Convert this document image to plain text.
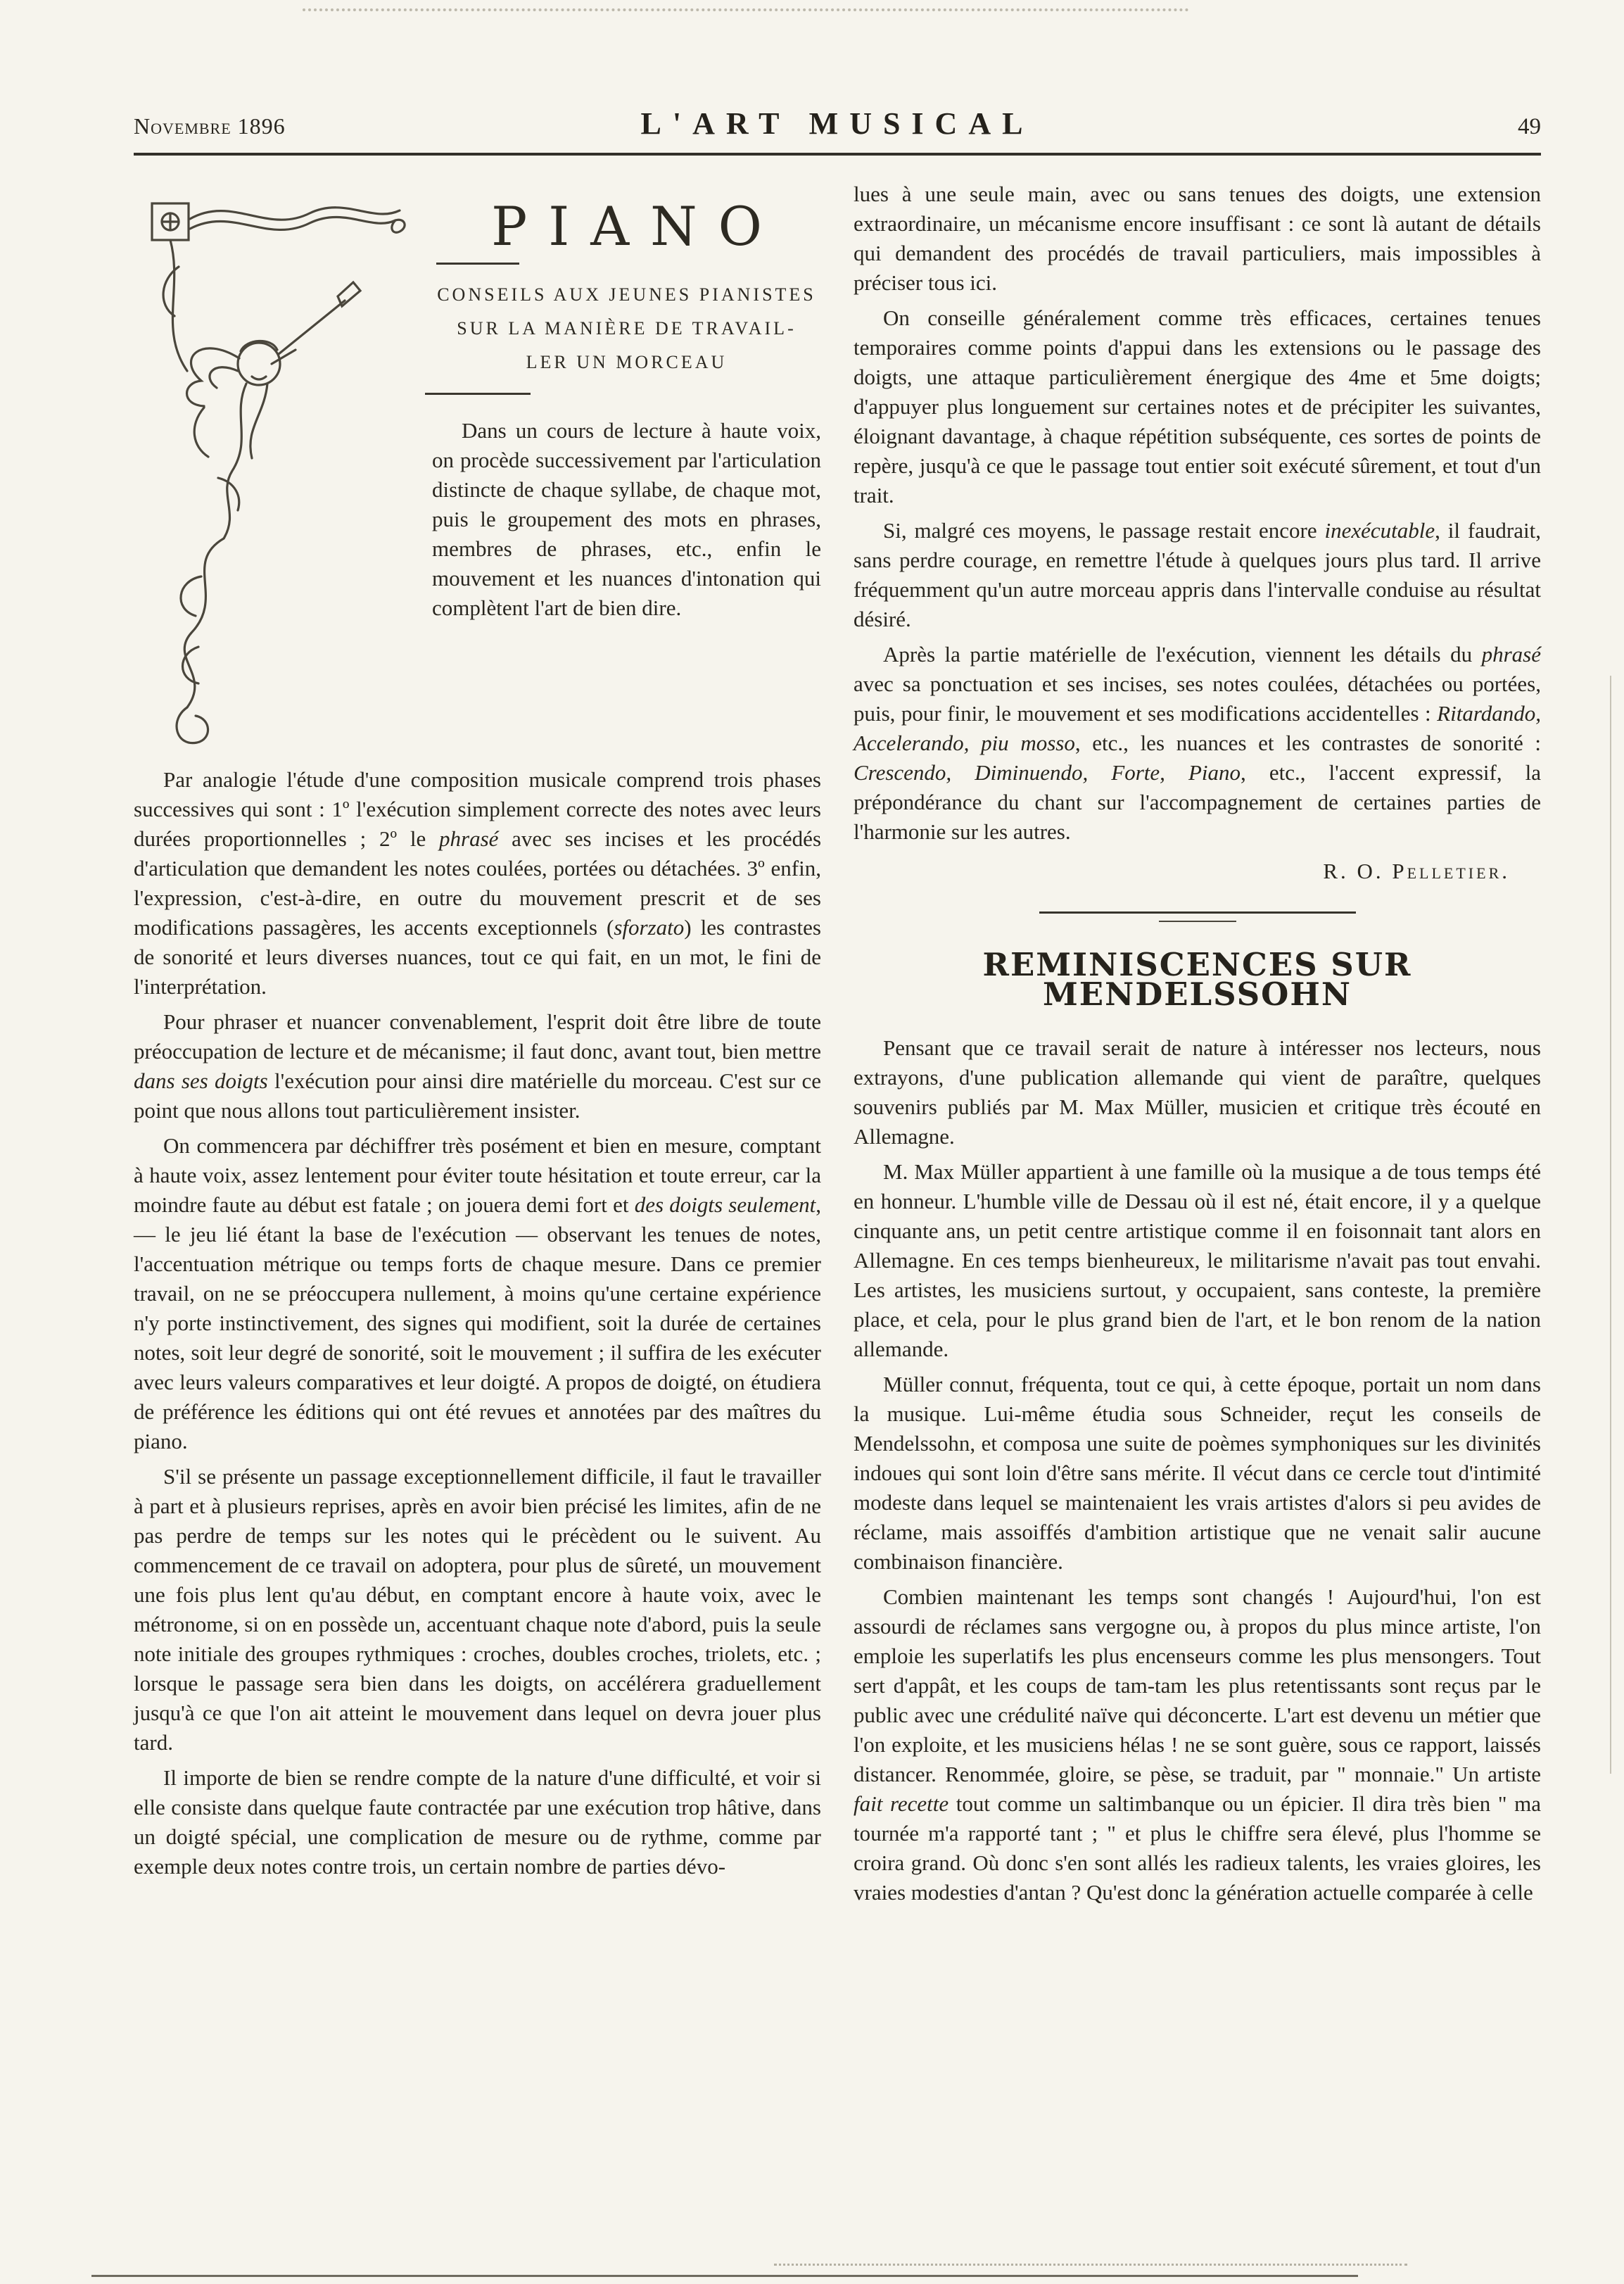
Novembre 1896	L'ART MUSICAL	49
PIANO

CONSEILS AUX JEUNES PIANISTES

SUR LA MANIÈRE DE TRAVAIL-

LER UN MORCEAU

Dans un cours de lecture à haute voix, on procède successivement par l'articulation distincte de chaque syllabe, de chaque mot, puis le groupement des mots en phrases, membres de phrases, etc., enfin le mouvement et les nuances d'intonation qui complètent l'art de bien dire.

Par analogie l'étude d'une composition musicale comprend trois phases successives qui sont : 1º l'exécution simplement correcte des notes avec leurs durées proportionnelles ; 2º le phrasé avec ses incises et les procédés d'articulation que demandent les notes coulées, portées ou détachées. 3º enfin, l'expression, c'est-à-dire, en outre du mouvement prescrit et de ses modifications passagères, les accents exceptionnels (sforzato) les contrastes de sonorité et leurs diverses nuances, tout ce qui fait, en un mot, le fini de l'interprétation.

Pour phraser et nuancer convenablement, l'esprit doit être libre de toute préoccupation de lecture et de mécanisme; il faut donc, avant tout, bien mettre dans ses doigts l'exécution pour ainsi dire matérielle du morceau. C'est sur ce point que nous allons tout particulièrement insister.

On commencera par déchiffrer très posément et bien en mesure, comptant à haute voix, assez lentement pour éviter toute hésitation et toute erreur, car la moindre faute au début est fatale ; on jouera demi fort et des doigts seulement, — le jeu lié étant la base de l'exécution — observant les tenues de notes, l'accentuation métrique ou temps forts de chaque mesure. Dans ce premier travail, on ne se préoccupera nullement, à moins qu'une certaine expérience n'y porte instinctivement, des signes qui modifient, soit la durée de certaines notes, soit leur degré de sonorité, soit le mouvement ; il suffira de les exécuter avec leurs valeurs comparatives et leur doigté. A propos de doigté, on étudiera de préférence les éditions qui ont été revues et annotées par des maîtres du piano.

S'il se présente un passage exceptionnellement difficile, il faut le travailler à part et à plusieurs reprises, après en avoir bien précisé les limites, afin de ne pas perdre de temps sur les notes qui le précèdent ou le suivent. Au commencement de ce travail on adoptera, pour plus de sûreté, un mouvement une fois plus lent qu'au début, en comptant encore à haute voix, avec le métronome, si on en possède un, accentuant chaque note d'abord, puis la seule note initiale des groupes rythmiques : croches, doubles croches, triolets, etc. ; lorsque le passage sera bien dans les doigts, on accélérera graduellement jusqu'à ce que l'on ait atteint le mouvement dans lequel on devra jouer plus tard.

Il importe de bien se rendre compte de la nature d'une difficulté, et voir si elle consiste dans quelque faute contractée par une exécution trop hâtive, dans un doigté spécial, une complication de mesure ou de rythme, comme par exemple deux notes contre trois, un certain nombre de parties dévo-

lues à une seule main, avec ou sans tenues des doigts, une extension extraordinaire, un mécanisme encore insuffisant : ce sont là autant de détails qui demandent des procédés de travail particuliers, mais impossibles à préciser tous ici.

On conseille généralement comme très efficaces, certaines tenues temporaires comme points d'appui dans les extensions ou le passage des doigts, une attaque particulièrement énergique des 4me et 5me doigts; d'appuyer plus longuement sur certaines notes et de précipiter les suivantes, éloignant davantage, à chaque répétition subséquente, ces sortes de points de repère, jusqu'à ce que le passage tout entier soit exécuté sûrement, et tout d'un trait.

Si, malgré ces moyens, le passage restait encore inexécutable, il faudrait, sans perdre courage, en remettre l'étude à quelques jours plus tard. Il arrive fréquemment qu'un autre morceau appris dans l'intervalle conduise au résultat désiré.

Après la partie matérielle de l'exécution, viennent les détails du phrasé avec sa ponctuation et ses incises, ses notes coulées, détachées ou portées, puis, pour finir, le mouvement et ses modifications accidentelles : Ritardando, Accelerando, piu mosso, etc., les nuances et les contrastes de sonorité : Crescendo, Diminuendo, Forte, Piano, etc., l'accent expressif, la prépondérance du chant sur l'accompagnement de certaines parties de l'harmonie sur les autres.

R. O. Pelletier.
REMINISCENCES SUR MENDELSSOHN

Pensant que ce travail serait de nature à intéresser nos lecteurs, nous extrayons, d'une publication allemande qui vient de paraître, quelques souvenirs publiés par M. Max Müller, musicien et critique très écouté en Allemagne.

M. Max Müller appartient à une famille où la musique a de tous temps été en honneur. L'humble ville de Dessau où il est né, était encore, il y a quelque cinquante ans, un petit centre artistique comme il en foisonnait tant alors en Allemagne. En ces temps bienheureux, le militarisme n'avait pas tout envahi. Les artistes, les musiciens surtout, y occupaient, sans conteste, la première place, et cela, pour le plus grand bien de l'art, et le bon renom de la nation allemande.

Müller connut, fréquenta, tout ce qui, à cette époque, portait un nom dans la musique. Lui-même étudia sous Schneider, reçut les conseils de Mendelssohn, et composa une suite de poèmes symphoniques sur les divinités indoues qui sont loin d'être sans mérite. Il vécut dans ce cercle tout d'intimité modeste dans lequel se maintenaient les vrais artistes d'alors si peu avides de réclame, mais assoiffés d'ambition artistique que ne venait salir aucune combinaison financière.

Combien maintenant les temps sont changés ! Aujourd'hui, l'on est assourdi de réclames sans vergogne ou, à propos du plus mince artiste, l'on emploie les superlatifs les plus encenseurs comme les plus mensongers. Tout sert d'appât, et les coups de tam-tam les plus retentissants sont reçus par le public avec une crédulité naïve qui déconcerte. L'art est devenu un métier que l'on exploite, et les musiciens hélas ! ne se sont guère, sous ce rapport, laissés distancer. Renommée, gloire, se pèse, se traduit, par " monnaie." Un artiste fait recette tout comme un saltimbanque ou un épicier. Il dira très bien " ma tournée m'a rapporté tant ; " et plus le chiffre sera élevé, plus l'homme se croira grand. Où donc s'en sont allés les radieux talents, les vraies gloires, les vraies modesties d'antan ? Qu'est donc la génération actuelle comparée à celle
